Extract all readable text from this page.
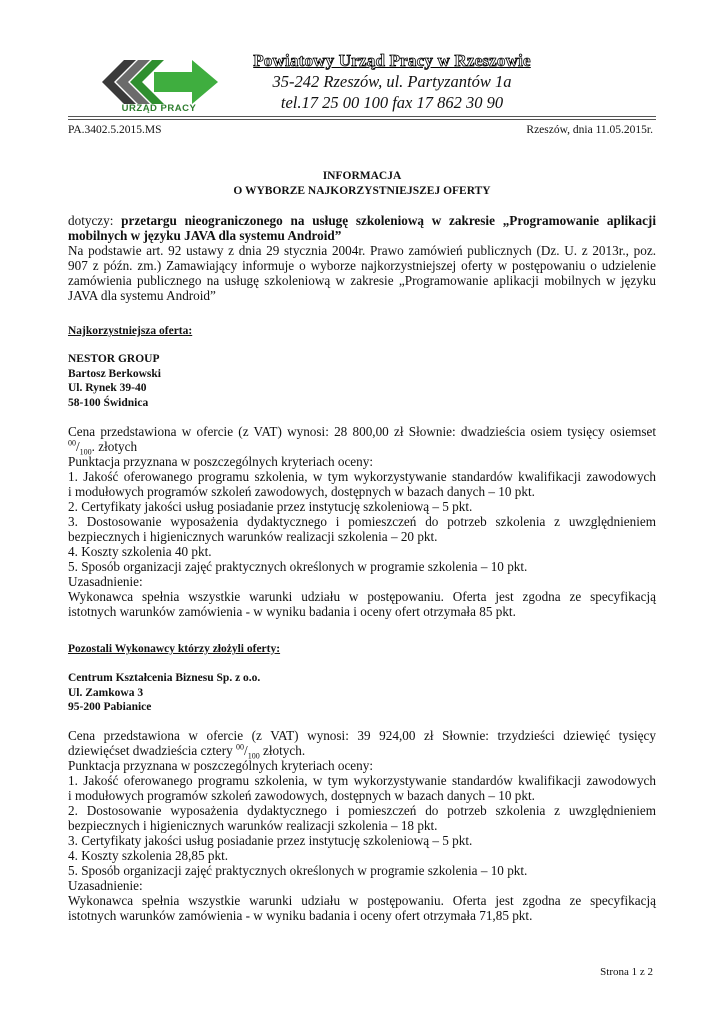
URZĄD PRACY
Powiatowy Urząd Pracy w Rzeszowie
35-242 Rzeszów, ul. Partyzantów 1a
tel.17 25 00 100 fax 17 862 30 90
PA.3402.5.2015.MS	Rzeszów, dnia 11.05.2015r.
INFORMACJA
O WYBORZE NAJKORZYSTNIEJSZEJ OFERTY
dotyczy: przetargu nieograniczonego na usługę szkoleniową w zakresie „Programowanie aplikacji
mobilnych w języku JAVA dla systemu Android”
Na podstawie art. 92 ustawy z dnia 29 stycznia 2004r. Prawo zamówień publicznych (Dz. U. z 2013r., poz.
907 z późn. zm.) Zamawiający informuje o wyborze najkorzystniejszej oferty w postępowaniu o udzielenie
zamówienia publicznego na usługę szkoleniową w zakresie „Programowanie aplikacji mobilnych w języku
JAVA dla systemu Android”
Najkorzystniejsza oferta:
NESTOR GROUP
Bartosz Berkowski
Ul. Rynek 39-40
58-100 Świdnica
Cena przedstawiona w ofercie (z VAT) wynosi: 28 800,00 zł Słownie: dwadzieścia osiem tysięcy osiemset
$^{00}/_{100}$. złotych
Punktacja przyznana w poszczególnych kryteriach oceny:
1. Jakość oferowanego programu szkolenia, w tym wykorzystywanie standardów kwalifikacji zawodowych
i modułowych programów szkoleń zawodowych, dostępnych w bazach danych – 10 pkt.
2. Certyfikaty jakości usług posiadanie przez instytucję szkoleniową – 5 pkt.
3. Dostosowanie wyposażenia dydaktycznego i pomieszczeń do potrzeb szkolenia z uwzględnieniem
bezpiecznych i higienicznych warunków realizacji szkolenia – 20 pkt.
4. Koszty szkolenia 40 pkt.
5. Sposób organizacji zajęć praktycznych określonych w programie szkolenia – 10 pkt.
Uzasadnienie:
Wykonawca spełnia wszystkie warunki udziału w postępowaniu. Oferta jest zgodna ze specyfikacją
istotnych warunków zamówienia - w wyniku badania i oceny ofert otrzymała 85 pkt.
Pozostali Wykonawcy którzy złożyli oferty:
Centrum Kształcenia Biznesu Sp. z o.o.
Ul. Zamkowa 3
95-200 Pabianice
Cena przedstawiona w ofercie (z VAT) wynosi: 39 924,00 zł Słownie: trzydzieści dziewięć tysięcy
dziewięćset dwadzieścia cztery $^{00}/_{100}$ złotych.
Punktacja przyznana w poszczególnych kryteriach oceny:
1. Jakość oferowanego programu szkolenia, w tym wykorzystywanie standardów kwalifikacji zawodowych
i modułowych programów szkoleń zawodowych, dostępnych w bazach danych – 10 pkt.
2. Dostosowanie wyposażenia dydaktycznego i pomieszczeń do potrzeb szkolenia z uwzględnieniem
bezpiecznych i higienicznych warunków realizacji szkolenia – 18 pkt.
3. Certyfikaty jakości usług posiadanie przez instytucję szkoleniową – 5 pkt.
4. Koszty szkolenia 28,85 pkt.
5. Sposób organizacji zajęć praktycznych określonych w programie szkolenia – 10 pkt.
Uzasadnienie:
Wykonawca spełnia wszystkie warunki udziału w postępowaniu. Oferta jest zgodna ze specyfikacją
istotnych warunków zamówienia - w wyniku badania i oceny ofert otrzymała 71,85 pkt.
Strona 1 z 2
